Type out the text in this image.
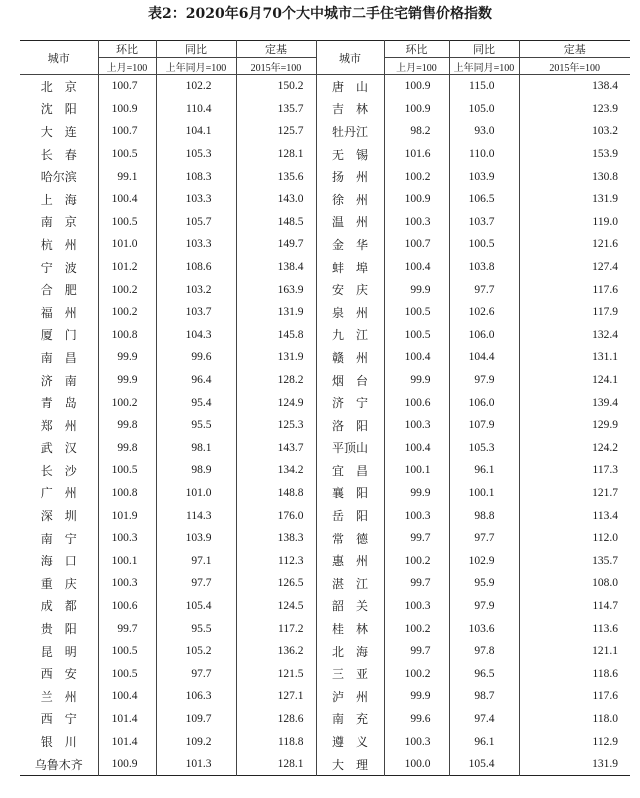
表2：2020年6月70个大中城市二手住宅销售价格指数
城市	环比	同比	定基	城市	环比	同比	定基
	上月=100	上年同月=100	2015年=100		上月=100	上年同月=100	2015年=100
北　京	100.7	102.2	150.2	唐　山	100.9	115.0	138.4
沈　阳	100.9	110.4	135.7	吉　林	100.9	105.0	123.9
大　连	100.7	104.1	125.7	牡丹江	98.2	93.0	103.2
长　春	100.5	105.3	128.1	无　锡	101.6	110.0	153.9
哈尔滨	99.1	108.3	135.6	扬　州	100.2	103.9	130.8
上　海	100.4	103.3	143.0	徐　州	100.9	106.5	131.9
南　京	100.5	105.7	148.5	温　州	100.3	103.7	119.0
杭　州	101.0	103.3	149.7	金　华	100.7	100.5	121.6
宁　波	101.2	108.6	138.4	蚌　埠	100.4	103.8	127.4
合　肥	100.2	103.2	163.9	安　庆	99.9	97.7	117.6
福　州	100.2	103.7	131.9	泉　州	100.5	102.6	117.9
厦　门	100.8	104.3	145.8	九　江	100.5	106.0	132.4
南　昌	99.9	99.6	131.9	赣　州	100.4	104.4	131.1
济　南	99.9	96.4	128.2	烟　台	99.9	97.9	124.1
青　岛	100.2	95.4	124.9	济　宁	100.6	106.0	139.4
郑　州	99.8	95.5	125.3	洛　阳	100.3	107.9	129.9
武　汉	99.8	98.1	143.7	平顶山	100.4	105.3	124.2
长　沙	100.5	98.9	134.2	宜　昌	100.1	96.1	117.3
广　州	100.8	101.0	148.8	襄　阳	99.9	100.1	121.7
深　圳	101.9	114.3	176.0	岳　阳	100.3	98.8	113.4
南　宁	100.3	103.9	138.3	常　德	99.7	97.7	112.0
海　口	100.1	97.1	112.3	惠　州	100.2	102.9	135.7
重　庆	100.3	97.7	126.5	湛　江	99.7	95.9	108.0
成　都	100.6	105.4	124.5	韶　关	100.3	97.9	114.7
贵　阳	99.7	95.5	117.2	桂　林	100.2	103.6	113.6
昆　明	100.5	105.2	136.2	北　海	99.7	97.8	121.1
西　安	100.5	97.7	121.5	三　亚	100.2	96.5	118.6
兰　州	100.4	106.3	127.1	泸　州	99.9	98.7	117.6
西　宁	101.4	109.7	128.6	南　充	99.6	97.4	118.0
银　川	101.4	109.2	118.8	遵　义	100.3	96.1	112.9
乌鲁木齐	100.9	101.3	128.1	大　理	100.0	105.4	131.9
